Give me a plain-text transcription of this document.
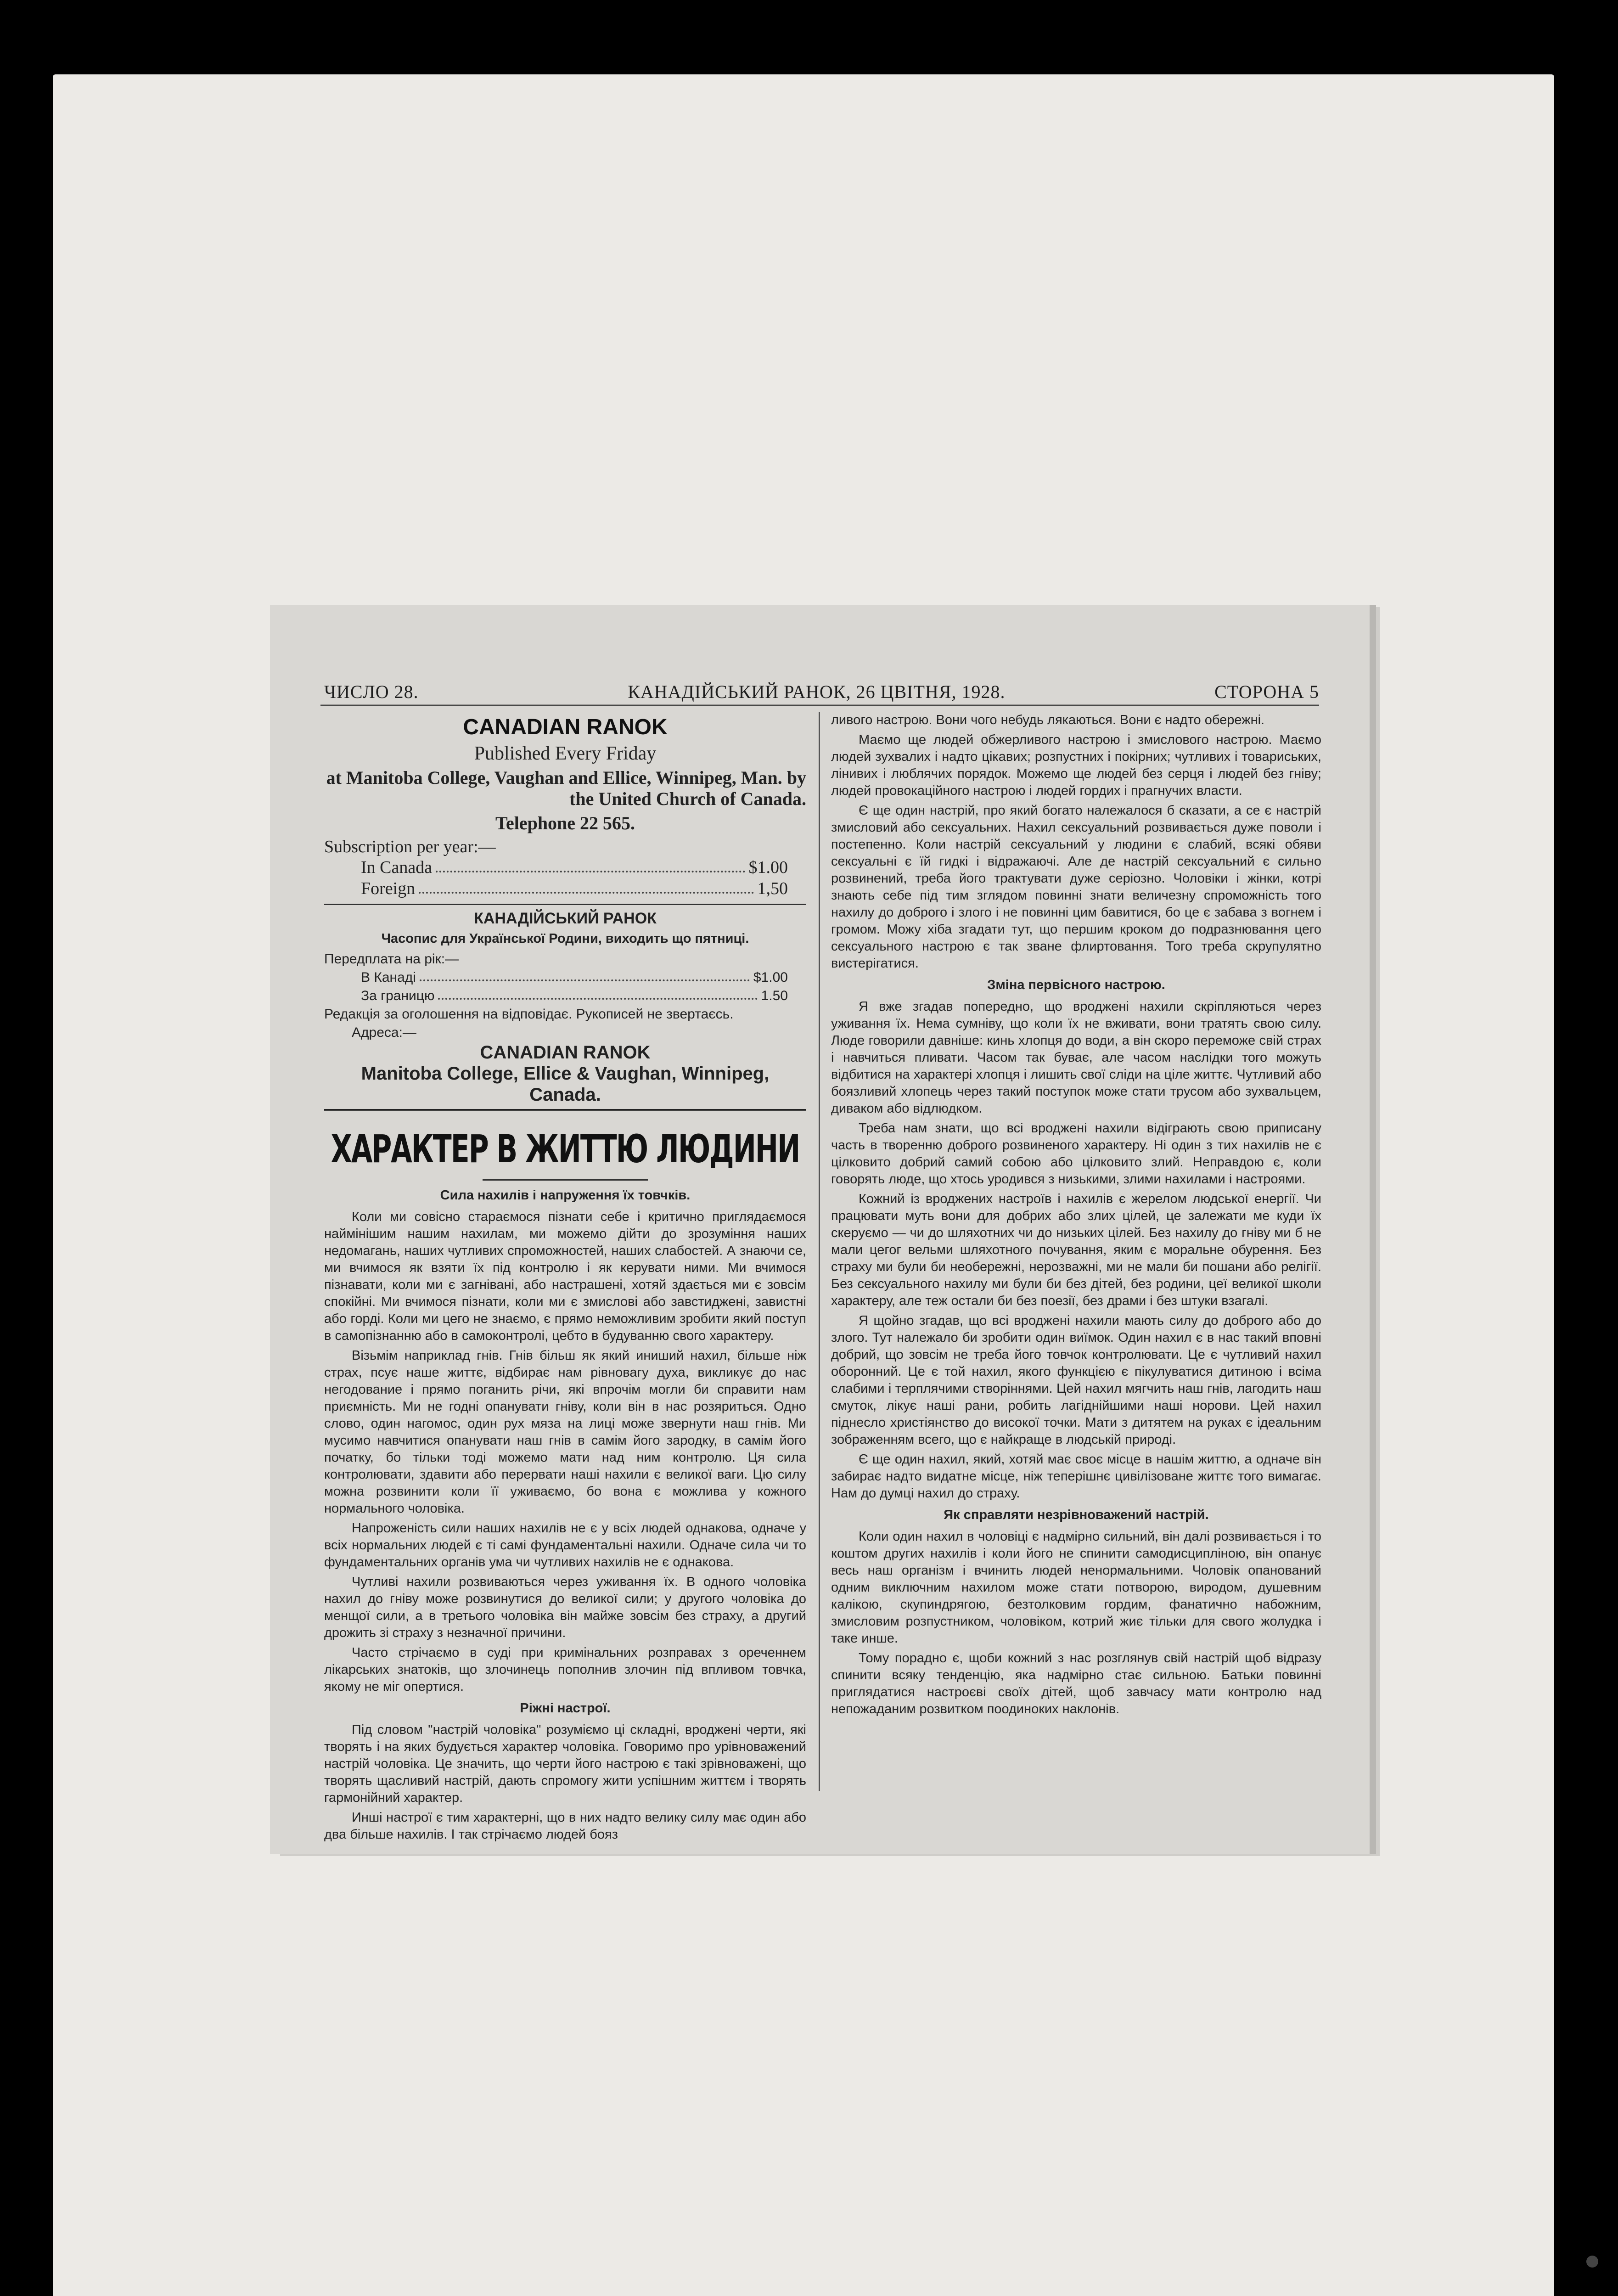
ЧИСЛО 28.	КАНАДІЙСЬКИЙ РАНОК, 26 ЦВІТНЯ, 1928.	СТОРОНА 5
CANADIAN RANOK
Published Every Friday
at Manitoba College, Vaughan and Ellice, Winnipeg, Man. by the United Church of Canada.
Telephone 22 565.
Subscription per year:—
In Canada	$1.00
Foreign	1,50
КАНАДІЙСЬКИЙ РАНОК
Часопис для Української Родини, виходить що пятниці.
Передплата на рік:—
В Канаді	$1.00
За границю	1.50
Редакція за оголошення на відповідає. Рукописей не звертаєсь.
Адреса:—
CANADIAN RANOK
Manitoba College, Ellice & Vaughan, Winnipeg, Canada.
ХАРАКТЕР В ЖИТТЮ ЛЮДИНИ
Сила нахилів і напруження їх товчків.

Коли ми совісно стараємося пізнати себе і критично приглядаємося наймінішим нашим нахилам, ми можемо дійти до зрозуміння наших недомагань, наших чутливих спроможностей, наших слабостей. А знаючи се, ми вчимося як взяти їх під контролю і як керувати ними. Ми вчимося пізнавати, коли ми є загнівані, або настрашені, хотяй здається ми є зовсім спокійні. Ми вчимося пізнати, коли ми є змислові або завстиджені, завистні або горді. Коли ми цего не знаємо, є прямо неможливим зробити який поступ в самопізнанню або в самоконтролі, цебто в будуванню свого характеру.

Візьмім наприклад гнів. Гнів більш як який иниший нахил, більше ніж страх, псує наше життє, відбирає нам рівновагу духа, викликує до нас негодование і прямо поганить річи, які впрочім могли би справити нам приємність. Ми не годні опанувати гніву, коли він в нас розяриться. Одно слово, один нагомос, один рух мяза на лиці може звернути наш гнів. Ми мусимо навчитися опанувати наш гнів в самім його зародку, в самім його початку, бо тільки тоді можемо мати над ним контролю. Ця сила контролювати, здавити або перервати наші нахили є великої ваги. Цю силу можна розвинити коли її уживаємо, бо вона є можлива у кожного нормального чоловіка.

Напроженість сили наших нахилів не є у всіх людей однакова, одначе у всіх нормальних людей є ті самі фундаментальні нахили. Одначе сила чи то фундаментальних органів ума чи чутливих нахилів не є однакова.

Чутливі нахили розвиваються через уживання їх. В одного чоловіка нахил до гніву може розвинутися до великої сили; у другого чоловіка до менщої сили, а в третього чоловіка він майже зовсім без страху, а другий дрожить зі страху з незначної причини.

Часто стрічаємо в суді при кримінальних розправах з ореченнем лікарських знатоків, що злочинець пополнив злочин під впливом товчка, якому не міг опертися.

Ріжні настрої.

Під словом "настрій чоловіка" розуміємо ці складні, вроджені черти, які творять і на яких будується характер чоловіка. Говоримо про урівноважений настрій чоловіка. Це значить, що черти його настрою є такі зрівноважені, що творять щасливий настрій, дають спромогу жити успішним життєм і творять гармонійний характер.

Инші настрої є тим характерні, що в них надто велику силу має один або два більше нахилів. І так стрічаємо людей бояз

ливого настрою. Вони чого небудь лякаються. Вони є надто обережні.

Маємо ще людей обжерливого настрою і змислового настрою. Маємо людей зухвалих і надто цікавих; розпустних і покірних; чутливих і товариських, лінивих і люблячих порядок. Можемо ще людей без серця і людей без гніву; людей провокаційного настрою і людей гордих і прагнучих власти.

Є ще один настрій, про який богато належалося б сказати, а се є настрій змисловий або сексуальних. Нахил сексуальний розвивається дуже поволи і постепенно. Коли настрій сексуальний у людини є слабий, всякі обяви сексуальні є їй гидкі і відражаючі. Але де настрій сексуальний є сильно розвинений, треба його трактувати дуже серіозно. Чоловіки і жінки, котрі знають себе під тим зглядом повинні знати величезну спроможність того нахилу до доброго і злого і не повинні цим бавитися, бо це є забава з вогнем і громом. Можу хіба згадати тут, що першим кроком до подразнювання цего сексуального настрою є так зване флиртовання. Того треба скрупулятно вистерігатися.

Зміна первісного настрою.

Я вже згадав попередно, що вроджені нахили скріпляються через уживання їх. Нема сумніву, що коли їх не вживати, вони тратять свою силу. Люде говорили давніше: кинь хлопця до води, а він скоро переможе свій страх і навчиться пливати. Часом так буває, але часом наслідки того можуть відбитися на характері хлопця і лишить свої сліди на ціле життє. Чутливий або боязливий хлопець через такий поступок може стати трусом або зухвальцем, диваком або відлюдком.

Треба нам знати, що всі вроджені нахили відіграють свою приписану часть в творенню доброго розвиненого характеру. Ні один з тих нахилів не є цілковито добрий самий собою або цілковито злий. Неправдою є, коли говорять люде, що хтось уродився з низькими, злими нахилами і настроями.

Кожний із вроджених настроїв і нахилів є жерелом людської енергії. Чи працювати муть вони для добрих або злих цілей, це залежати ме куди їх скеруємо — чи до шляхотних чи до низьких цілей. Без нахилу до гніву ми б не мали цегог вельми шляхотного почування, яким є моральне обурення. Без страху ми були би необережні, нерозважні, ми не мали би пошани або релігії. Без сексуального нахилу ми були би без дітей, без родини, цеї великої школи характеру, але теж остали би без поезії, без драми і без штуки взагалі.

Я щойно згадав, що всі вроджені нахили мають силу до доброго або до злого. Тут належало би зробити один виїмок. Один нахил є в нас такий вповні добрий, що зовсім не треба його товчок контролювати. Це є чутливий нахил оборонний. Це є той нахил, якого функцією є пікулуватися дитиною і всіма слабими і терплячими створіннями. Цей нахил мягчить наш гнів, лагодить наш смуток, лікує наші рани, робить лагіднійшими наші норови. Цей нахил піднесло христіянство до високої точки. Мати з дитятем на руках є ідеальним зображенням всего, що є найкраще в людській природі.

Є ще один нахил, який, хотяй має своє місце в нашім життю, а одначе він забирає надто видатне місце, ніж теперішнє цивілізоване життє того вимагає. Нам до думці нахил до страху.

Як справляти незрівноважений настрій.

Коли один нахил в чоловіці є надмірно сильний, він далі розвивається і то коштом других нахилів і коли його не спинити самодисципліною, він опанує весь наш організм і вчинить людей ненормальними. Чоловік опанований одним виключним нахилом може стати потворою, виродом, душевним калікою, скупиндрягою, безтолковим гордим, фанатично набожним, змисловим розпустником, чоловіком, котрий жиє тільки для свого жолудка і таке инше.

Тому порадно є, щоби кожний з нас розглянув свій настрій щоб відразу спинити всяку тенденцію, яка надмірно стає сильною. Батьки повинні приглядатися настроєві своїх дітей, щоб завчасу мати контролю над непожаданим розвитком поодиноких наклонів.
